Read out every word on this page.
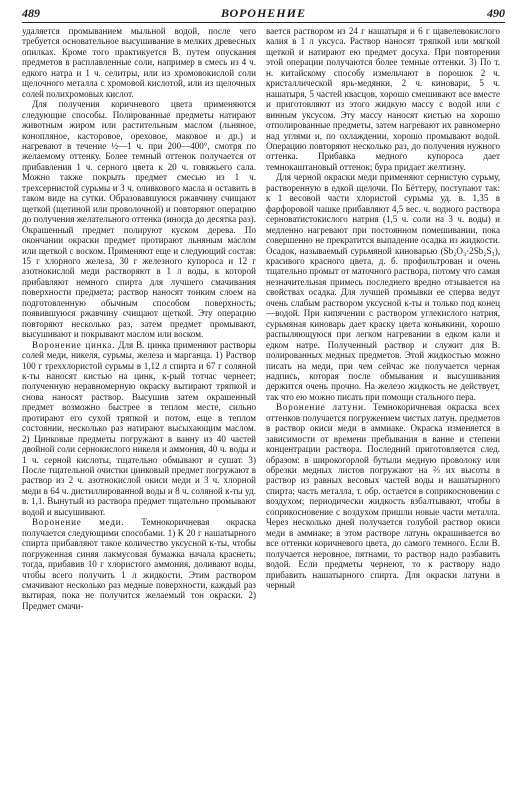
489	ВОРОНЕНИЕ	490

удаляется промыванием мыльной водой, после чего требуется основательное высушивание в мелких древесных опилках. Кроме того практикуется В. путем опускания предметов в расплавленные соли, например в смесь из 4 ч. едкого натра и 1 ч. селитры, или из хромовокислой соли щелочного металла с хромовой кислотой, или из щелочных солей полихромовых кислот.

Для получения коричневого цвета применяются следующие способы. Полированные предметы натирают животным жиром или растительным маслом (льняное, конопляное, касторовое, ореховое, маковое и др.) и нагревают в течение ½—1 ч. при 200—400°, смотря по желаемому оттенку. Более темный оттенок получается от прибавления 1 ч. серного цвета к 20 ч. говяжьего сала. Можно также покрыть предмет смесью из 1 ч. трехсернистой сурьмы и 3 ч. оливкового масла и оставить в таком виде на сутки. Образовавшуюся ржавчину счищают щеткой (щетиной или проволочной) и повторяют операцию до получения желательного оттенка (иногда до десятка раз). Окрашенный предмет полируют куском дерева. По окончании окраски предмет протирают льняным маслом или щеткой с воском. Применяют еще и следующий состав: 15 г хлорного железа, 30 г железного купороса и 12 г азотнокислой меди растворяют в 1 л воды, к которой прибавляют немного спирта для лучшего смачивания поверхности предмета; раствор наносят тонким слоем на подготовленную обычным способом поверхность; появившуюся ржавчину счищают щеткой. Эту операцию повторяют несколько раз, затем предмет промывают, высушивают и покрывают маслом или воском.

Воронение цинка. Для В. цинка применяют растворы солей меди, никеля, сурьмы, железа и марганца. 1) Раствор 100 г треххлористой сурьмы в 1,12 л спирта и 67 г соляной к-ты наносят кистью на цинк, к-рый тотчас чернеет; полученную неравномерную окраску вытирают тряпкой и снова наносят раствор. Высушив затем окрашенный предмет возможно быстрее в теплом месте, сильно протирают его сухой тряпкой и потом, еще в теплом состоянии, несколько раз натирают высыхающим маслом. 2) Цинковые предметы погружают в ванну из 40 частей двойной соли сернокислого никеля и аммония, 40 ч. воды и 1 ч. серной кислоты, тщательно обмывают и сушат. 3) После тщательной очистки цинковый предмет погружают в раствор из 2 ч. азотнокислой окиси меди и 3 ч. хлорной меди в 64 ч. дистиллированной воды и 8 ч. соляной к-ты уд. в. 1,1. Вынутый из раствора предмет тщательно промывают водой и высушивают.

Воронение меди. Темнокоричневая окраска получается следующими способами. 1) К 20 г нашатырного спирта прибавляют такое количество уксусной к-ты, чтобы погруженная синяя лакмусовая бумажка начала краснеть; тогда, прибавив 10 г хлористого аммония, доливают воды, чтобы всего получить 1 л жидкости. Этим раствором смачивают несколько раз медные поверхности, каждый раз вытирая, пока не получится желаемый тон окраски. 2) Предмет смачи-

вается раствором из 24 г нашатыря и 6 г щавелевокислого калия в 1 л уксуса. Раствор наносят тряпкой или мягкой щеткой и натирают ею предмет досуха. При повторении этой операции получаются более темные оттенки. 3) По т. н. китайскому способу измельчают в порошок 2 ч. кристаллической ярь-медянки, 2 ч. киновари, 5 ч. нашатыря, 5 частей квасцов, хорошо смешивают все вместе и приготовляют из этого жидкую массу с водой или с винным уксусом. Эту массу наносят кистью на хорошо отполированные предметы, затем нагревают их равномерно над углями и, по охлаждении, хорошо промывают водой. Операцию повторяют несколько раз, до получения нужного оттенка. Прибавка медного купороса дает темнокаштановый оттенок; бура придает желтизну.

Для черной окраски меди применяют сернистую сурьму, растворенную в едкой щелочи. По Бёттеру, поступают так: к 1 весовой части хлористой сурьмы уд. в. 1,35 в фарфоровой чашке прибавляют 4,5 вес. ч. водного раствора серноватистокислого натрия (1,5 ч. соли на 3 ч. воды) и медленно нагревают при постоянном помешивании, пока совершенно не прекратится выпадение осадка из жидкости. Осадок, называемый сурьмяной киноварью (Sb₂O₃·2Sb₂S₃), красивого красного цвета, д. б. профильтрован и очень тщательно промыт от маточного раствора, потому что самая незначительная примесь последнего вредно отзывается на свойствах осадка. Для лучшей промывки ее сперва ведут очень слабым раствором уксусной к-ты и только под конец—водой. При кипячении с раствором углекислого натрия, сурьмяная киноварь дает краску цвета коньякини, хорошо распыляющуюся при легком нагревании в едком кали и едком натре. Полученный раствор и служит для В. полированных медных предметов. Этой жидкостью можно писать на меди, при чем сейчас же получается черная надпись, которая после обмывания и высушивания держится очень прочно. На железо жидкость не действует, так что ею можно писать при помощи стального пера.

Воронение латуни. Темнокоричневая окраска всех оттенков получается погружением чистых латун. предметов в раствор окиси меди в аммиаке. Окраска изменяется в зависимости от времени пребывания в ванне и степени концентрации раствора. Последний приготовляется след. образом: в широкогорлой бутыли медную проволоку или обрезки медных листов погружают на ⅔ их высоты в раствор из равных весовых частей воды и нашатырного спирта; часть металла, т. обр. остается в соприкосновении с воздухом; периодически жидкость взбалтывают, чтобы в соприкосновение с воздухом пришли новые части металла. Через несколько дней получается голубой раствор окиси меди в аммиаке; в этом растворе латунь окрашивается во все оттенки коричневого цвета, до самого темного. Если В. получается неровное, пятнами, то раствор надо разбавить водой. Если предметы чернеют, то к раствору надо прибавить нашатырного спирта. Для окраски латуни в черный
